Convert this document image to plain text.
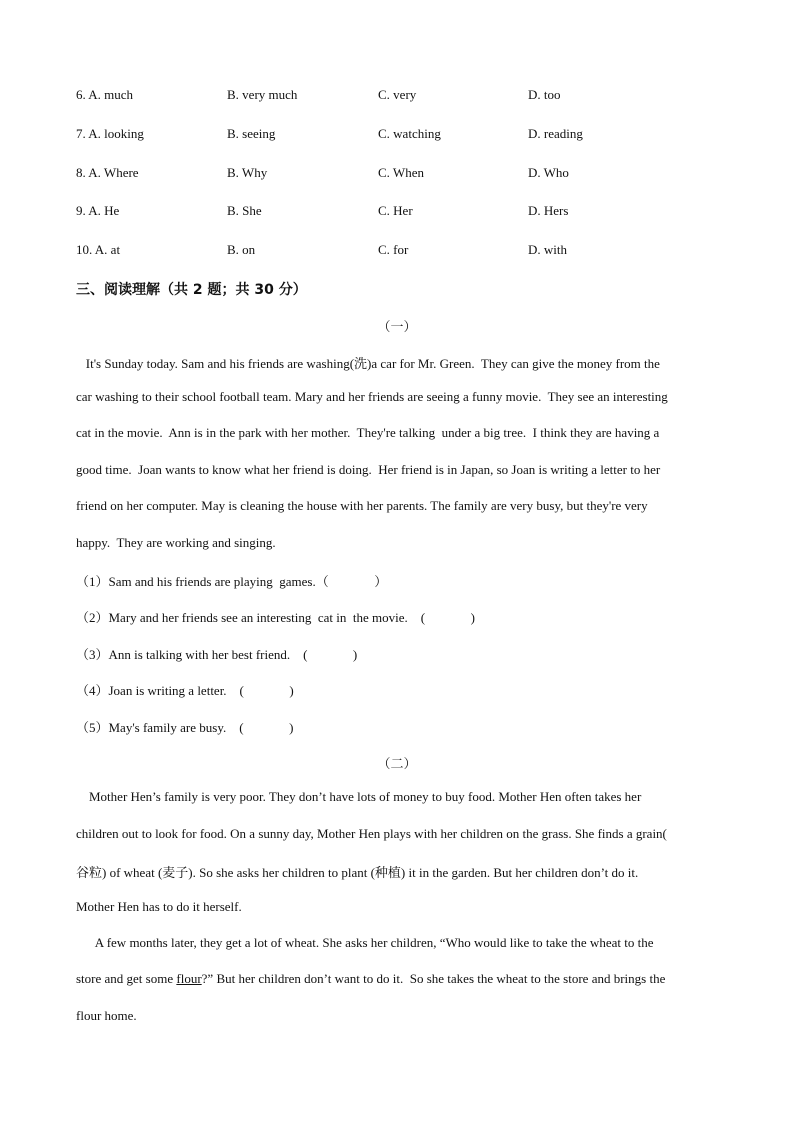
6. A. much	B. very much	C. very	D. too
7. A. looking	B. seeing	C. watching	D. reading
8. A. Where	B. Why	C. When	D. Who
9. A. He	B. She	C. Her	D. Hers
10. A. at	B. on	C. for	D. with
三、阅读理解（共 2 题；共 30 分）
（一）
It's Sunday today. Sam and his friends are washing(洗)a car for Mr. Green.  They can give the money from the
car washing to their school football team. Mary and her friends are seeing a funny movie.  They see an interesting
cat in the movie.  Ann is in the park with her mother.  They're talking  under a big tree.  I think they are having a
good time.  Joan wants to know what her friend is doing.  Her friend is in Japan, so Joan is writing a letter to her
friend on her computer. May is cleaning the house with her parents. The family are very busy, but they're very
happy.  They are working and singing.
（1）Sam and his friends are playing  games.（              ）
（2）Mary and her friends see an interesting  cat in  the movie.    (              )
（3）Ann is talking with her best friend.    (              )
（4）Joan is writing a letter.    (              )
（5）May's family are busy.    (              )
（二）
Mother Hen’s family is very poor. They don’t have lots of money to buy food. Mother Hen often takes her
children out to look for food. On a sunny day, Mother Hen plays with her children on the grass. She finds a grain(
谷粒) of wheat (麦子). So she asks her children to plant (种植) it in the garden. But her children don’t do it.
Mother Hen has to do it herself.
A few months later, they get a lot of wheat. She asks her children, “Who would like to take the wheat to the
store and get some flour?” But her children don’t want to do it.  So she takes the wheat to the store and brings the
flour home.
